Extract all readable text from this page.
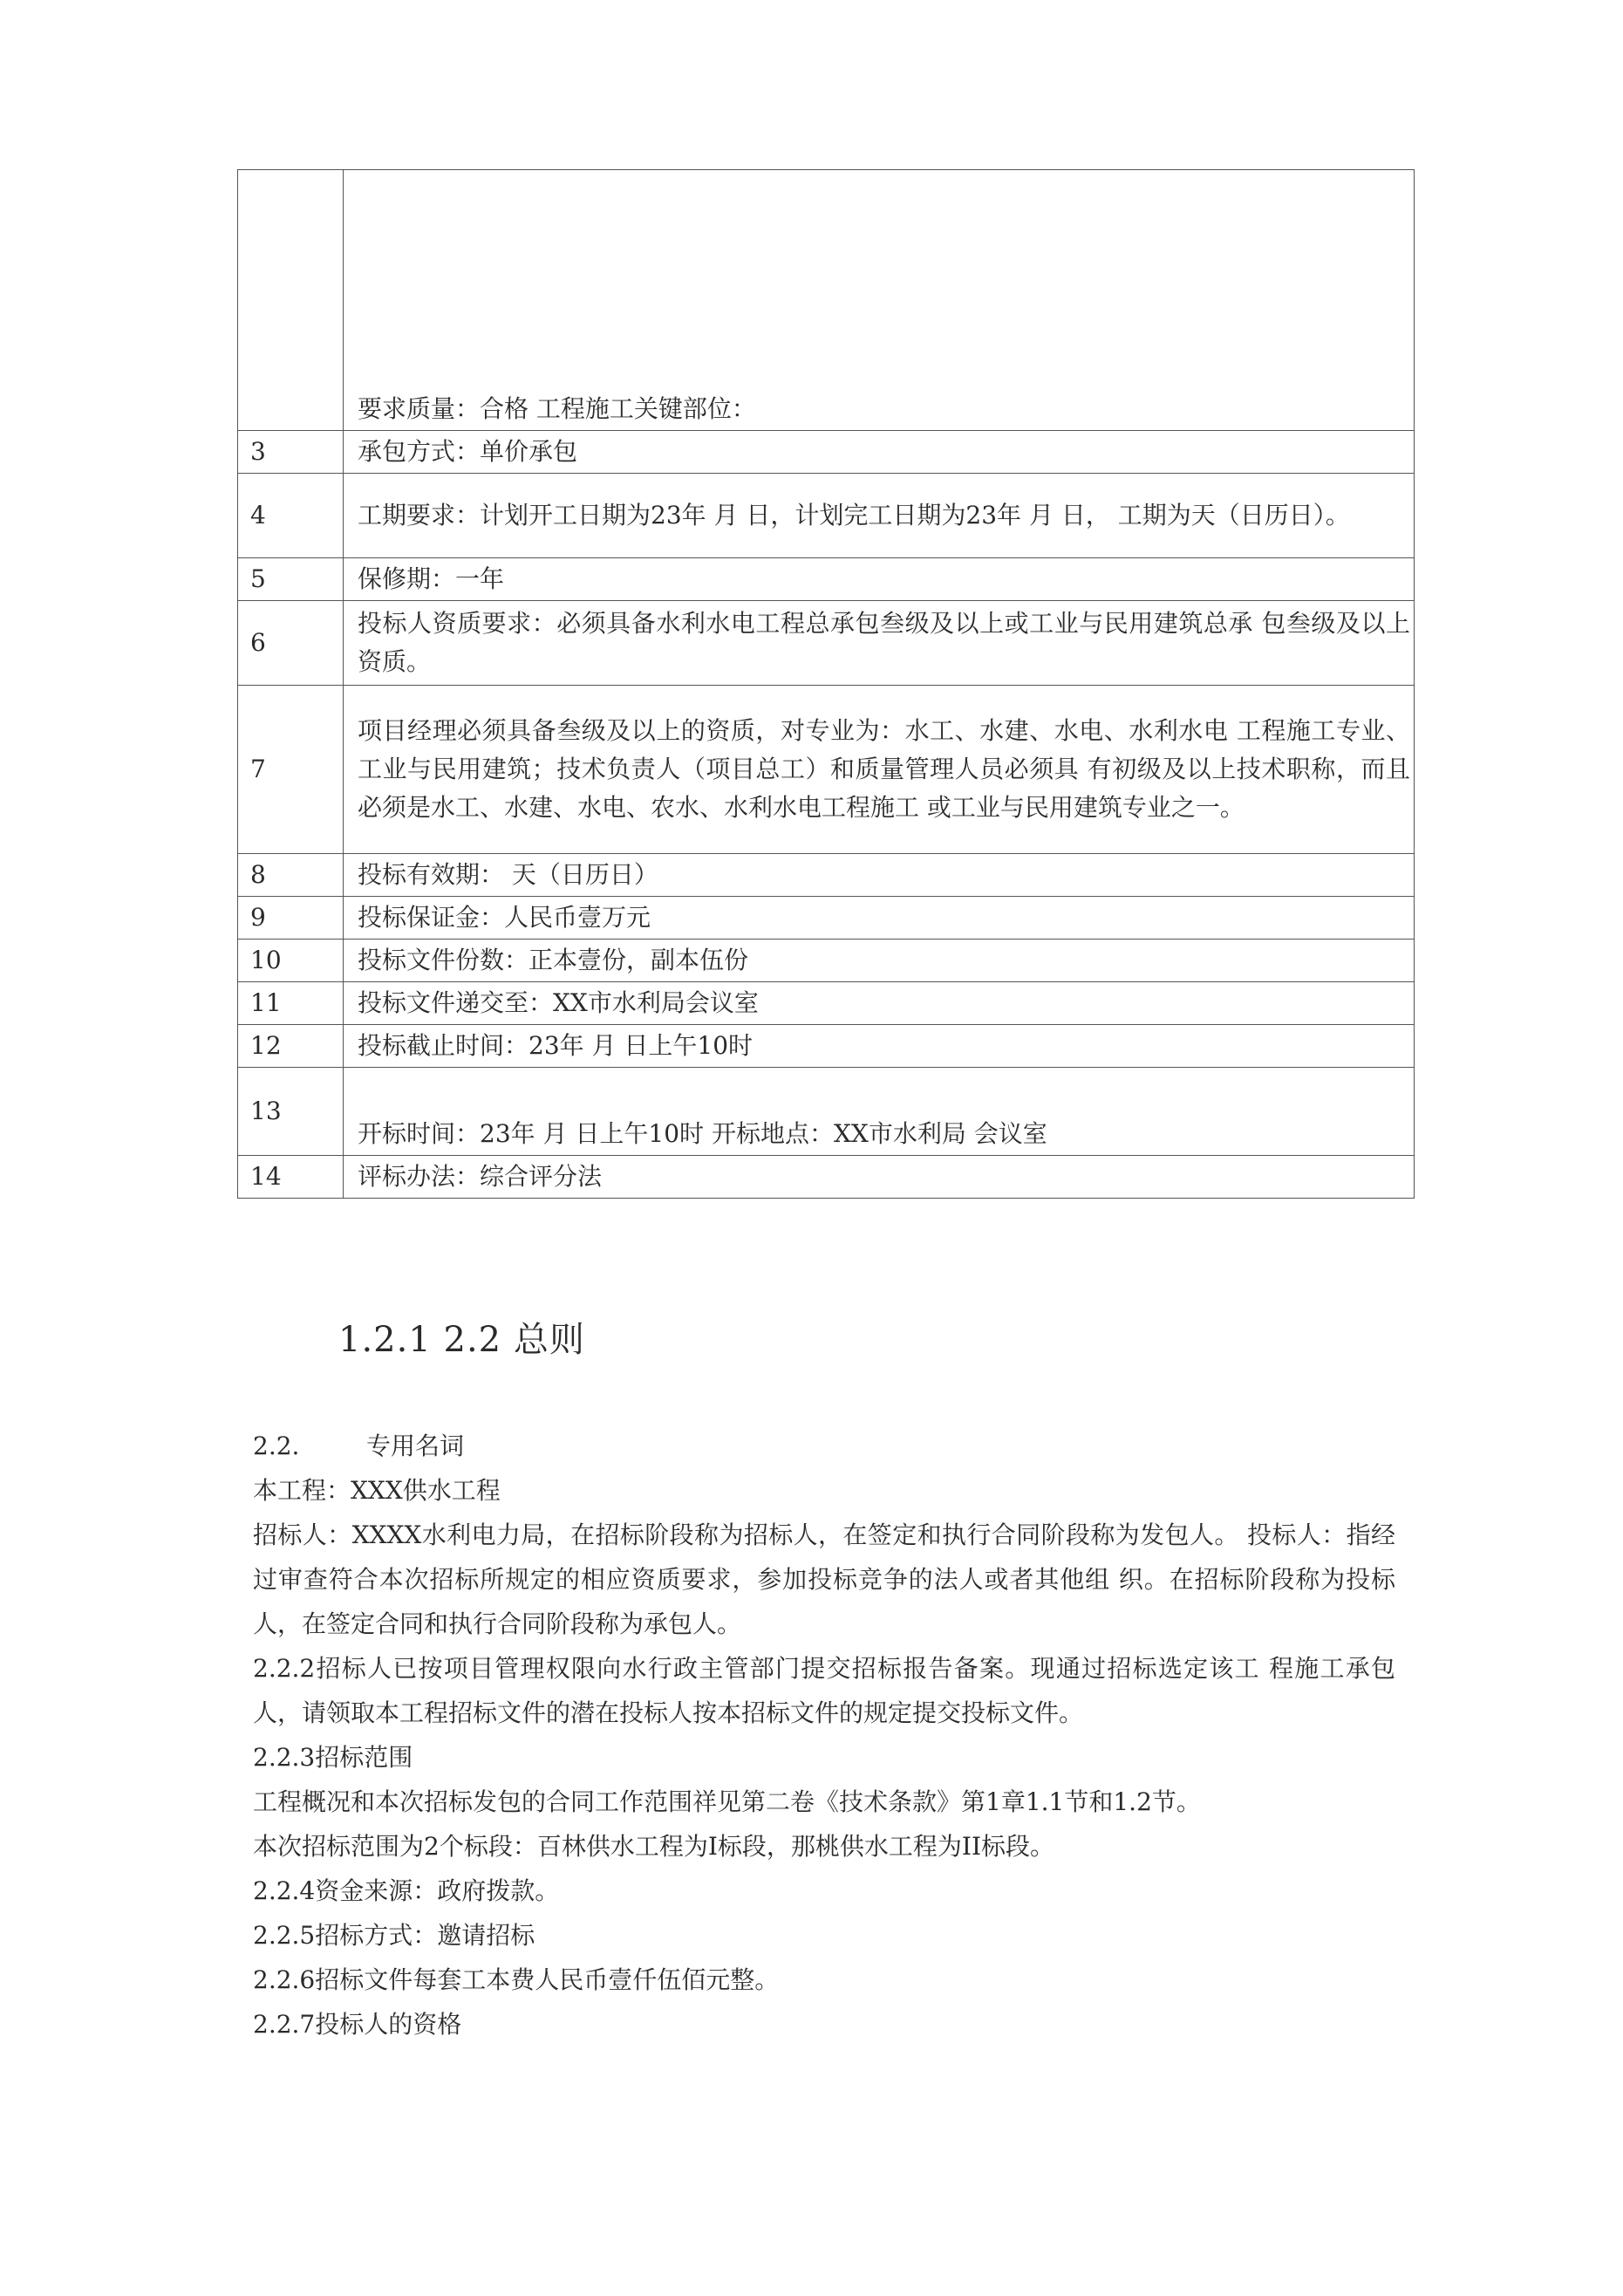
	要求质量：合格 工程施工关键部位：
3	承包方式：单价承包
4	工期要求：计划开工日期为23年 月 日，计划完工日期为23年 月 日， 工期为天（日历日）。
5	保修期：一年
6	投标人资质要求：必须具备水利水电工程总承包叁级及以上或工业与民用建筑总承 包叁级及以上资质。
7	项目经理必须具备叁级及以上的资质，对专业为：水工、水建、水电、水利水电 工程施工专业、工业与民用建筑；技术负责人（项目总工）和质量管理人员必须具 有初级及以上技术职称，而且必须是水工、水建、水电、农水、水利水电工程施工 或工业与民用建筑专业之一。
8	投标有效期： 天（日历日）
9	投标保证金：人民币壹万元
10	投标文件份数：正本壹份，副本伍份
11	投标文件递交至：XX市水利局会议室
12	投标截止时间：23年 月 日上午10时
13	开标时间：23年 月 日上午10时 开标地点：XX市水利局 会议室
14	评标办法：综合评分法
1.2.1 2.2 总则

2.2.	专用名词

本工程：XXX供水工程

招标人：XXXX水利电力局，在招标阶段称为招标人，在签定和执行合同阶段称为发包人。 投标人：指经过审查符合本次招标所规定的相应资质要求，参加投标竞争的法人或者其他组 织。在招标阶段称为投标人，在签定合同和执行合同阶段称为承包人。

2.2.2招标人已按项目管理权限向水行政主管部门提交招标报告备案。现通过招标选定该工 程施工承包人，请领取本工程招标文件的潜在投标人按本招标文件的规定提交投标文件。

2.2.3招标范围

工程概况和本次招标发包的合同工作范围祥见第二卷《技术条款》第1章1.1节和1.2节。

本次招标范围为2个标段：百林供水工程为I标段，那桃供水工程为II标段。

2.2.4资金来源：政府拨款。

2.2.5招标方式：邀请招标

2.2.6招标文件每套工本费人民币壹仟伍佰元整。

2.2.7投标人的资格
